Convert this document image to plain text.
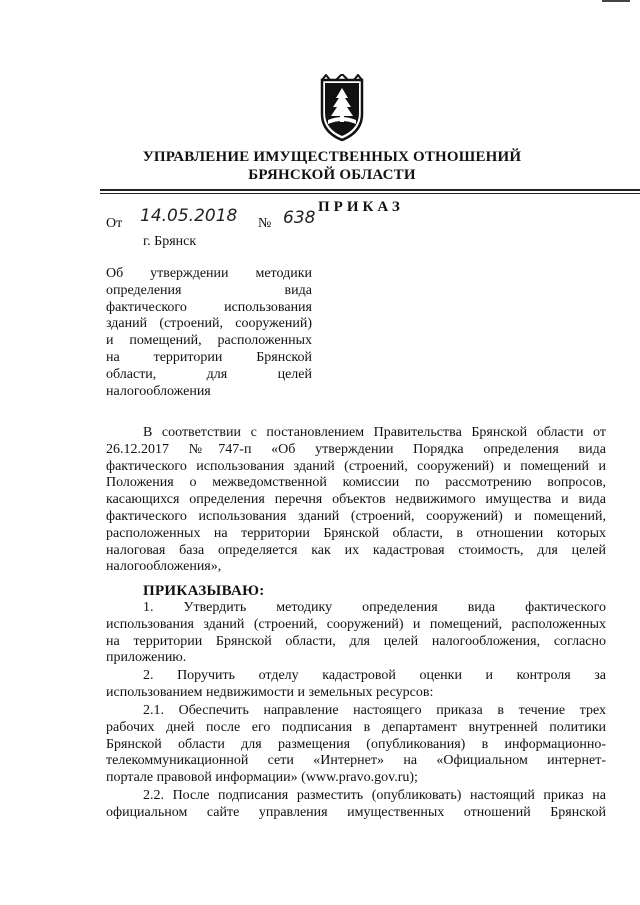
УПРАВЛЕНИЕ ИМУЩЕСТВЕННЫХ ОТНОШЕНИЙ
БРЯНСКОЙ ОБЛАСТИ
ПРИКАЗ
От 14.05.2018 № 638
г. Брянск
Об утверждении методики
определения вида
фактического использования
зданий (строений, сооружений)
и помещений, расположенных
на территории Брянской
области, для целей
налогообложения
В соответствии с постановлением Правительства Брянской области от
26.12.2017 №747-п «Об утверждении Порядка определения вида
фактического использования зданий (строений, сооружений) и помещений и
Положения о межведомственной комиссии по рассмотрению вопросов,
касающихся определения перечня объектов недвижимого имущества и вида
фактического использования зданий (строений, сооружений) и помещений,
расположенных на территории Брянской области, в отношении которых
налоговая база определяется как их кадастровая стоимость, для целей
налогообложения»,
ПРИКАЗЫВАЮ:
1. Утвердить методику определения вида фактического
использования зданий (строений, сооружений) и помещений, расположенных
на территории Брянской области, для целей налогообложения, согласно
приложению.
2. Поручить отделу кадастровой оценки и контроля за
использованием недвижимости и земельных ресурсов:
2.1. Обеспечить направление настоящего приказа в течение трех
рабочих дней после его подписания в департамент внутренней политики
Брянской области для размещения (опубликования) в информационно-
телекоммуникационной сети «Интернет» на «Официальном интернет-
портале правовой информации» (www.pravo.gov.ru);
2.2. После подписания разместить (опубликовать) настоящий приказ на
официальном сайте управления имущественных отношений Брянской
